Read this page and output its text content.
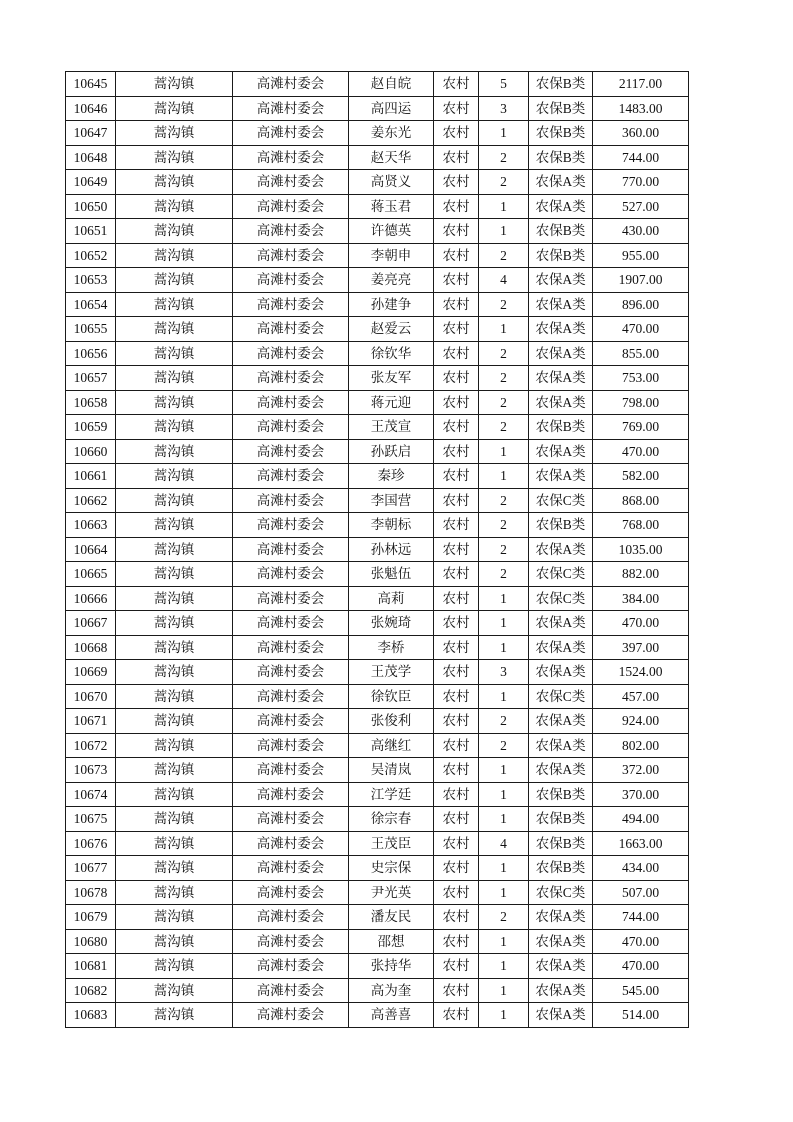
10645	蒿沟镇	高滩村委会	赵自皖	农村	5	农保B类	2117.00
10646	蒿沟镇	高滩村委会	高四运	农村	3	农保B类	1483.00
10647	蒿沟镇	高滩村委会	姜东光	农村	1	农保B类	360.00
10648	蒿沟镇	高滩村委会	赵天华	农村	2	农保B类	744.00
10649	蒿沟镇	高滩村委会	高贤义	农村	2	农保A类	770.00
10650	蒿沟镇	高滩村委会	蒋玉君	农村	1	农保A类	527.00
10651	蒿沟镇	高滩村委会	许德英	农村	1	农保B类	430.00
10652	蒿沟镇	高滩村委会	李朝申	农村	2	农保B类	955.00
10653	蒿沟镇	高滩村委会	姜亮亮	农村	4	农保A类	1907.00
10654	蒿沟镇	高滩村委会	孙建争	农村	2	农保A类	896.00
10655	蒿沟镇	高滩村委会	赵爱云	农村	1	农保A类	470.00
10656	蒿沟镇	高滩村委会	徐钦华	农村	2	农保A类	855.00
10657	蒿沟镇	高滩村委会	张友军	农村	2	农保A类	753.00
10658	蒿沟镇	高滩村委会	蒋元迎	农村	2	农保A类	798.00
10659	蒿沟镇	高滩村委会	王茂宣	农村	2	农保B类	769.00
10660	蒿沟镇	高滩村委会	孙跃启	农村	1	农保A类	470.00
10661	蒿沟镇	高滩村委会	秦珍	农村	1	农保A类	582.00
10662	蒿沟镇	高滩村委会	李国营	农村	2	农保C类	868.00
10663	蒿沟镇	高滩村委会	李朝标	农村	2	农保B类	768.00
10664	蒿沟镇	高滩村委会	孙林远	农村	2	农保A类	1035.00
10665	蒿沟镇	高滩村委会	张魁伍	农村	2	农保C类	882.00
10666	蒿沟镇	高滩村委会	高莉	农村	1	农保C类	384.00
10667	蒿沟镇	高滩村委会	张婉琦	农村	1	农保A类	470.00
10668	蒿沟镇	高滩村委会	李桥	农村	1	农保A类	397.00
10669	蒿沟镇	高滩村委会	王茂学	农村	3	农保A类	1524.00
10670	蒿沟镇	高滩村委会	徐钦臣	农村	1	农保C类	457.00
10671	蒿沟镇	高滩村委会	张俊利	农村	2	农保A类	924.00
10672	蒿沟镇	高滩村委会	高继红	农村	2	农保A类	802.00
10673	蒿沟镇	高滩村委会	吴清岚	农村	1	农保A类	372.00
10674	蒿沟镇	高滩村委会	江学廷	农村	1	农保B类	370.00
10675	蒿沟镇	高滩村委会	徐宗春	农村	1	农保B类	494.00
10676	蒿沟镇	高滩村委会	王茂臣	农村	4	农保B类	1663.00
10677	蒿沟镇	高滩村委会	史宗保	农村	1	农保B类	434.00
10678	蒿沟镇	高滩村委会	尹光英	农村	1	农保C类	507.00
10679	蒿沟镇	高滩村委会	潘友民	农村	2	农保A类	744.00
10680	蒿沟镇	高滩村委会	邵想	农村	1	农保A类	470.00
10681	蒿沟镇	高滩村委会	张持华	农村	1	农保A类	470.00
10682	蒿沟镇	高滩村委会	高为奎	农村	1	农保A类	545.00
10683	蒿沟镇	高滩村委会	高善喜	农村	1	农保A类	514.00
